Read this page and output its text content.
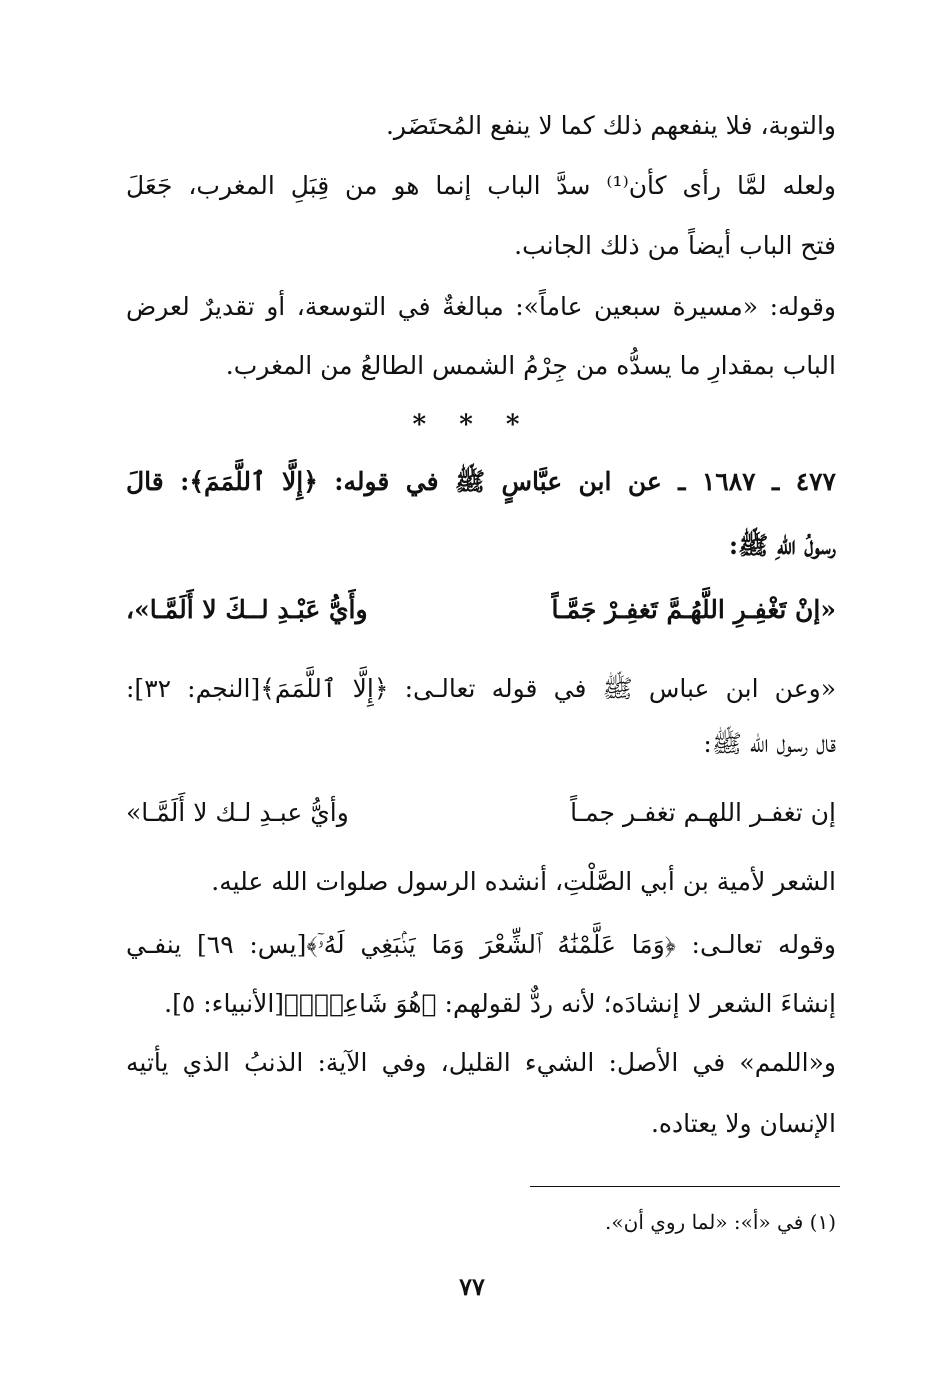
والتوبة، فلا ينفعهم ذلك كما لا ينفع المُحتَضَر.
ولعله لمَّا رأى كأن⁽¹⁾ سدَّ الباب إنما هو من قِبَلِ المغرب، جَعَلَ
فتح الباب أيضاً من ذلك الجانب.
وقوله: «مسيرة سبعين عاماً»: مبالغةٌ في التوسعة، أو تقديرٌ لعرض
الباب بمقدارِ ما يسدُّه من جِرْمُ الشمس الطالعُ من المغرب.
* * *
٤٧٧ ـ ١٦٨٧ ـ عن ابن عبَّاسٍ ﷺ في قوله: ﴿إِلَّا ٱللَّمَمَ﴾: قالَ
رسولُ اللهِ ﷺ:
«إنْ تَغْفِـرِ اللَّهُـمَّ تَغفِـرْ جَمَّـاً
وأَيُّ عَبْـدِ لــكَ لا أَلَمَّـا»،
«وعن ابن عباس ﷺ في قوله تعالـى: ﴿إِلَّا ٱللَّمَمَ﴾[النجم: ٣٢]:
قال رسول الله ﷺ:
إن تغفـر اللهـم تغفـر جمـاً
وأيُّ عبـدِ لـك لا أَلَمَّـا»
الشعر لأمية بن أبي الصَّلْتِ، أنشده الرسول صلوات الله عليه.
وقوله تعالـى: ﴿وَمَا عَلَّمْنَٰهُ ٱلشِّعْرَ وَمَا يَنۢبَغِي لَهُۥٓ﴾[يس: ٦٩] ينفـي
إنشاءَ الشعر لا إنشادَه؛ لأنه ردٌّ لقولهم: ﴿هُوَ شَاعِرٌۢ﴾[الأنبياء: ٥].
و«اللمم» في الأصل: الشيء القليل، وفي الآية: الذنبُ الذي يأتيه
الإنسان ولا يعتاده.
(١) في «أ»: «لما روي أن».
٧٧
